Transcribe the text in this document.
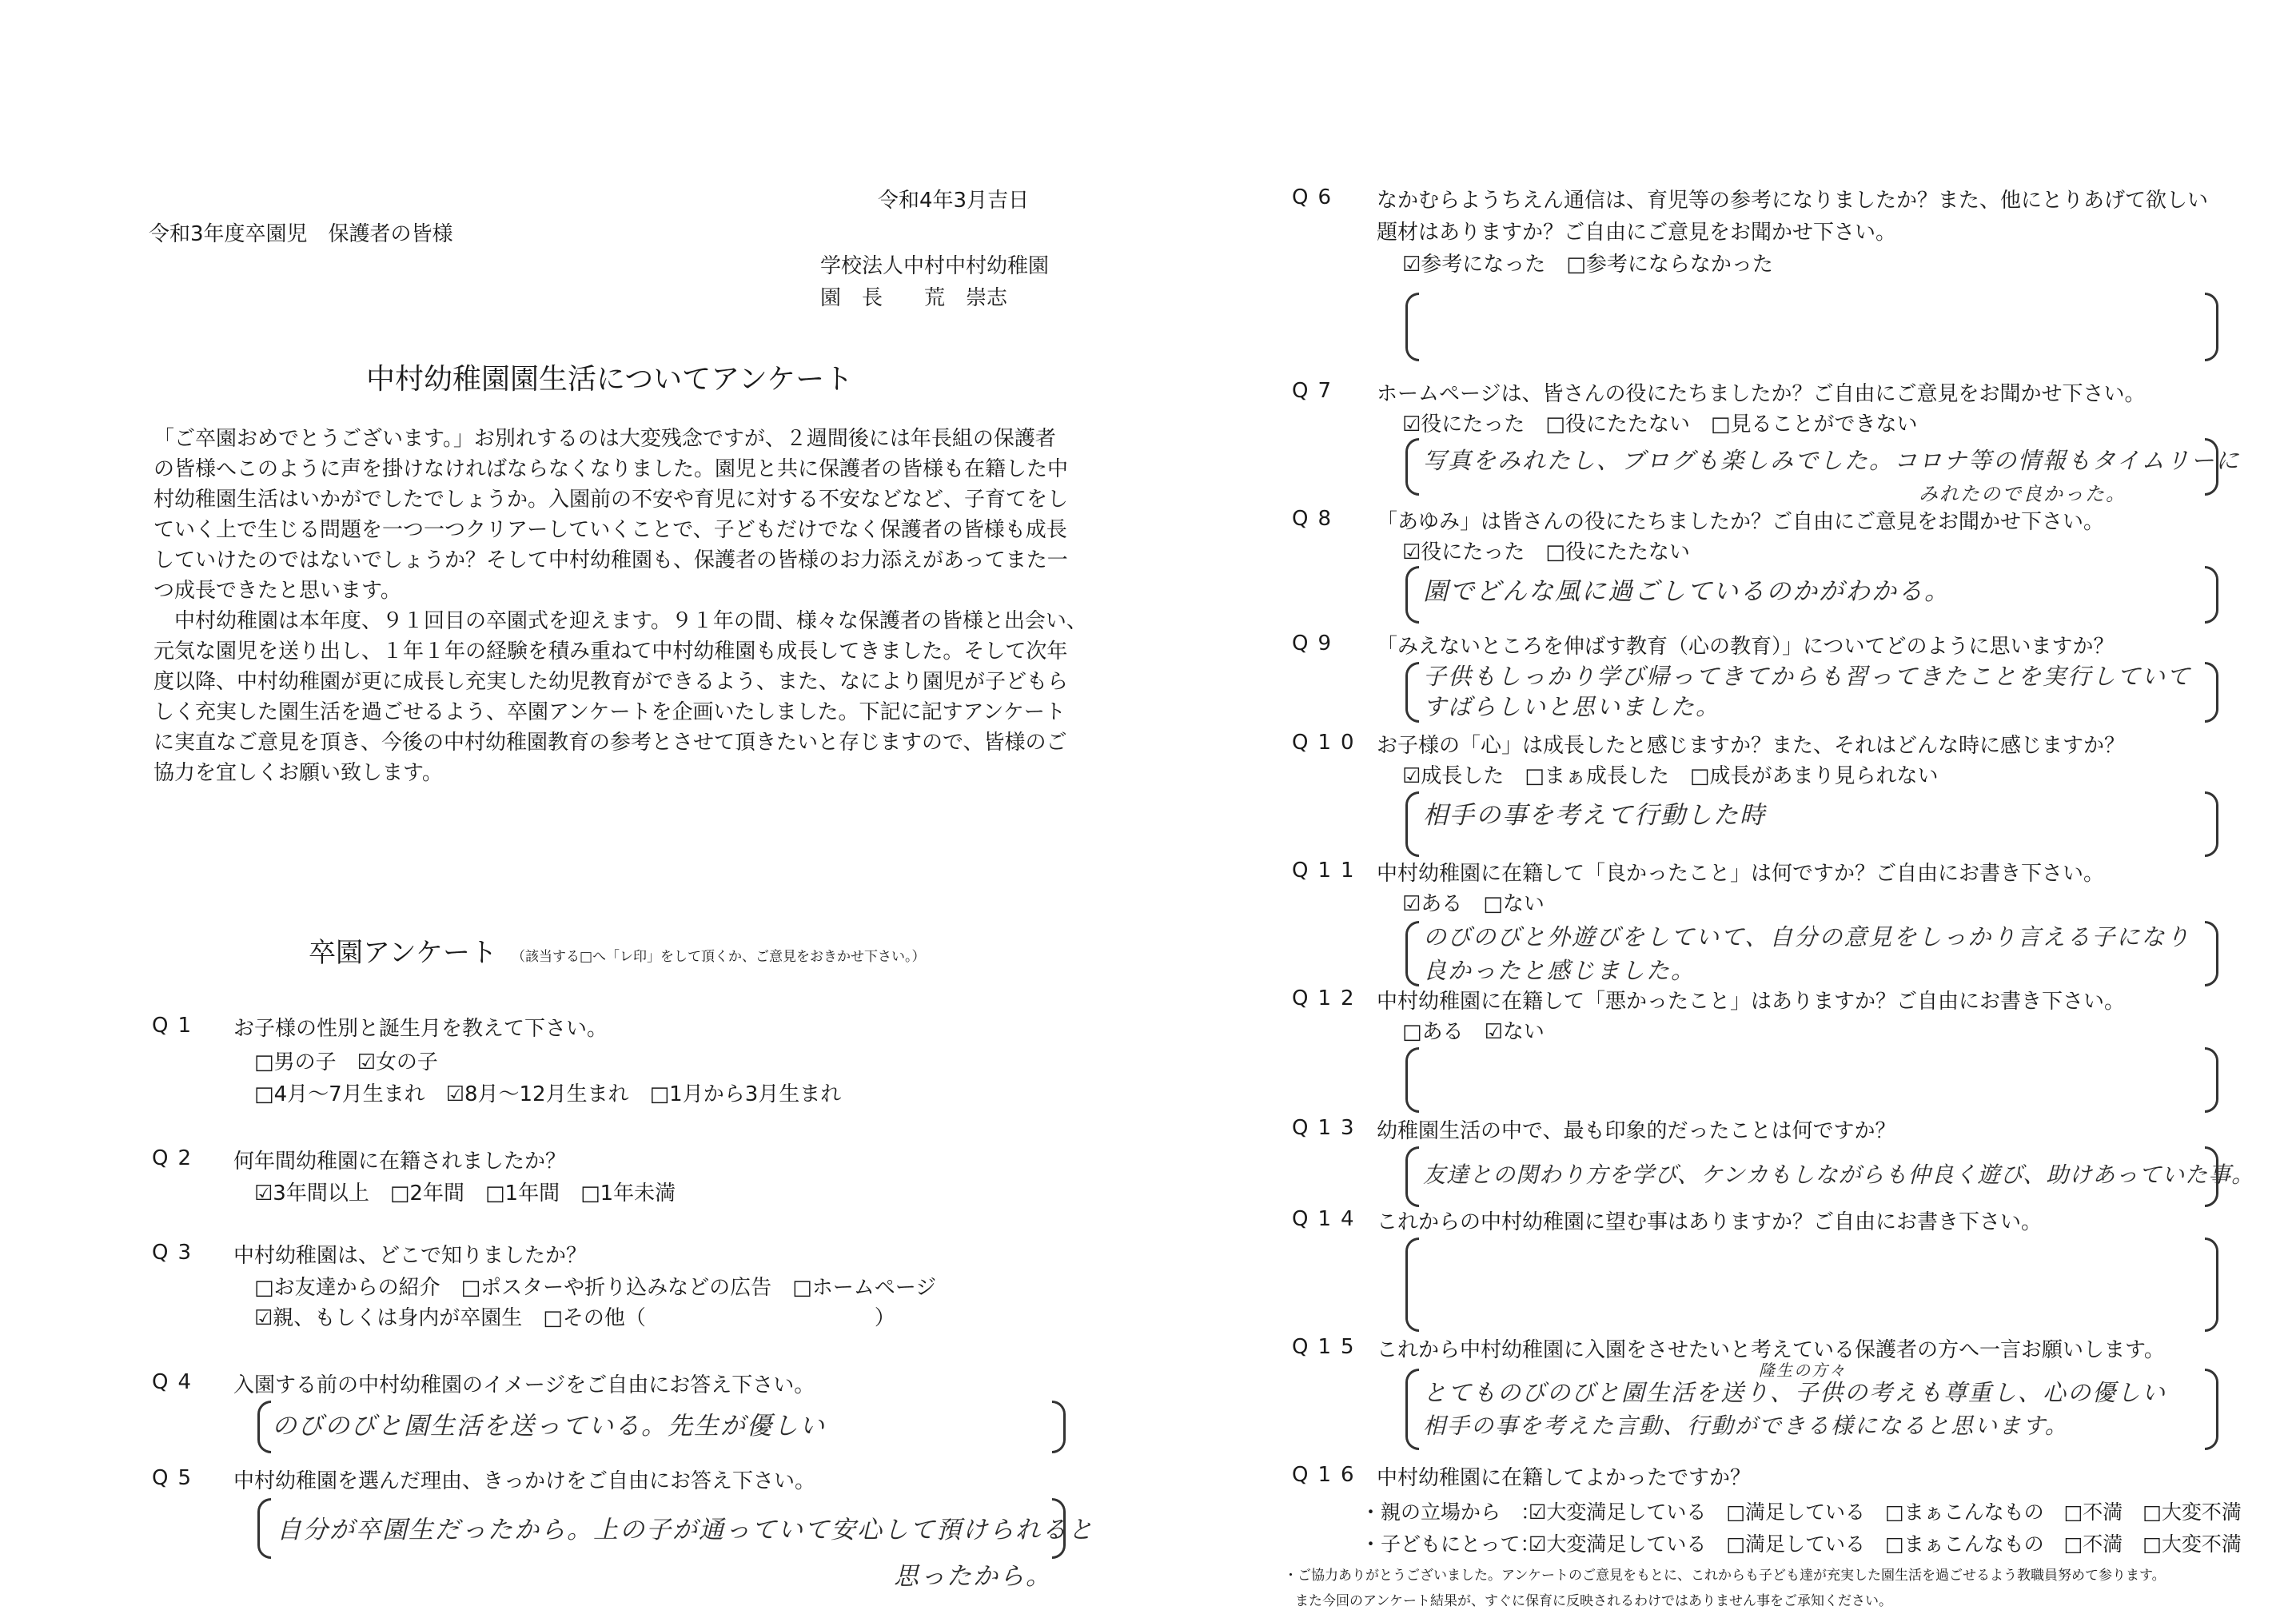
令和4年3月吉日
令和3年度卒園児　保護者の皆様
学校法人中村中村幼稚園
園　長　　荒　崇志
中村幼稚園園生活についてアンケート
「ご卒園おめでとうございます。」お別れするのは大変残念ですが、２週間後には年長組の保護者
の皆様へこのように声を掛けなければならなくなりました。園児と共に保護者の皆様も在籍した中
村幼稚園生活はいかがでしたでしょうか。入園前の不安や育児に対する不安などなど、子育てをし
ていく上で生じる問題を一つ一つクリアーしていくことで、子どもだけでなく保護者の皆様も成長
していけたのではないでしょうか？そして中村幼稚園も、保護者の皆様のお力添えがあってまた一
つ成長できたと思います。
　中村幼稚園は本年度、９１回目の卒園式を迎えます。９１年の間、様々な保護者の皆様と出会い、
元気な園児を送り出し、１年１年の経験を積み重ねて中村幼稚園も成長してきました。そして次年
度以降、中村幼稚園が更に成長し充実した幼児教育ができるよう、また、なにより園児が子どもら
しく充実した園生活を過ごせるよう、卒園アンケートを企画いたしました。下記に記すアンケート
に実直なご意見を頂き、今後の中村幼稚園教育の参考とさせて頂きたいと存じますので、皆様のご
協力を宜しくお願い致します。
卒園アンケート （該当する□へ「レ印」をして頂くか、ご意見をおきかせ下さい。）
Q1 お子様の性別と誕生月を教えて下さい。
□男の子　☑女の子
□4月～7月生まれ　☑8月～12月生まれ　□1月から3月生まれ
Q2 何年間幼稚園に在籍されましたか？
☑3年間以上　□2年間　□1年間　□1年未満
Q3 中村幼稚園は、どこで知りましたか？
□お友達からの紹介　□ポスターや折り込みなどの広告　□ホームページ
☑親、もしくは身内が卒園生　□その他（　　　　　　　　　　　）
Q4 入園する前の中村幼稚園のイメージをご自由にお答え下さい。
のびのびと園生活を送っている。先生が優しい
Q5 中村幼稚園を選んだ理由、きっかけをご自由にお答え下さい。
自分が卒園生だったから。上の子が通っていて安心して預けられると
思ったから。
Q6 なかむらようちえん通信は、育児等の参考になりましたか？また、他にとりあげて欲しい
題材はありますか？ご自由にご意見をお聞かせ下さい。
☑参考になった　□参考にならなかった
Q7 ホームページは、皆さんの役にたちましたか？ご自由にご意見をお聞かせ下さい。
☑役にたった　□役にたたない　□見ることができない
写真をみれたし、ブログも楽しみでした。コロナ等の情報もタイムリーに
みれたので良かった。
Q8 「あゆみ」は皆さんの役にたちましたか？ご自由にご意見をお聞かせ下さい。
☑役にたった　□役にたたない
園でどんな風に過ごしているのかがわかる。
Q9 「みえないところを伸ばす教育（心の教育）」についてどのように思いますか？
子供もしっかり学び帰ってきてからも習ってきたことを実行していて
すばらしいと思いました。
Q10 お子様の「心」は成長したと感じますか？また、それはどんな時に感じますか？
☑成長した　□まぁ成長した　□成長があまり見られない
相手の事を考えて行動した時
Q11 中村幼稚園に在籍して「良かったこと」は何ですか？ご自由にお書き下さい。
☑ある　□ない
のびのびと外遊びをしていて、自分の意見をしっかり言える子になり
良かったと感じました。
Q12 中村幼稚園に在籍して「悪かったこと」はありますか？ご自由にお書き下さい。
□ある　☑ない
Q13 幼稚園生活の中で、最も印象的だったことは何ですか？
友達との関わり方を学び、ケンカもしながらも仲良く遊び、助けあっていた事。
Q14 これからの中村幼稚園に望む事はありますか？ご自由にお書き下さい。
Q15 これから中村幼稚園に入園をさせたいと考えている保護者の方へ一言お願いします。
隆生の方々
とてものびのびと園生活を送り、子供の考えも尊重し、心の優しい
相手の事を考えた言動、行動ができる様になると思います。
Q16 中村幼稚園に在籍してよかったですか？
・親の立場から　：
☑大変満足している　□満足している　□まぁこんなもの　□不満　□大変不満
・子どもにとって：
☑大変満足している　□満足している　□まぁこんなもの　□不満　□大変不満
・ご協力ありがとうございました。アンケートのご意見をもとに、これからも子ども達が充実した園生活を過ごせるよう教職員努めて参ります。
また今回のアンケート結果が、すぐに保育に反映されるわけではありません事をご承知ください。
